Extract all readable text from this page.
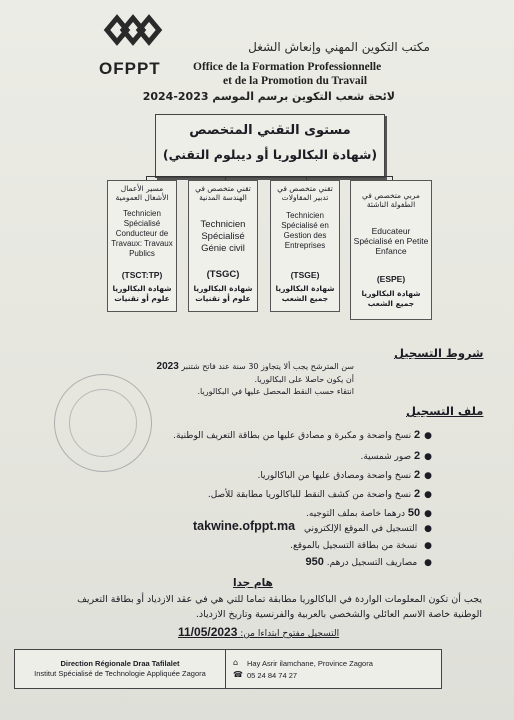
OFPPT
مكتب التكوين المهني وإنعاش الشغل
Office de la Formation Professionnelle
et de la Promotion du Travail
لائحة شعب التكوين برسم الموسم 2024-2023
مستوى التقني المتخصص
(شهادة البكالوريا أو ديبلوم التقني)
مسير الأعمال الأشغال العمومية
Technicien Spécialisé Conducteur de Travaux: Travaux Publics
(TSCT:TP)
شهادة البكالوريا علوم أو تقنيات
تقني متخصص في الهندسة المدنية
Technicien Spécialisé Génie civil
(TSGC)
شهادة البكالوريا علوم أو تقنيات
تقني متخصص في تدبير المقاولات
Technicien Spécialisé en Gestion des Entreprises
(TSGE)
شهادة البكالوريا جميع الشعب
مربي متخصص في الطفولة الناشئة
Educateur Spécialisé en Petite Enfance
(ESPE)
شهادة البكالوريا جميع الشعب
شروط التسجيل
سن المترشح يجب ألا يتجاوز 30 سنة عند فاتح شتنبر 2023
أن يكون حاصلا على البكالوريا.
انتقاء حسب النقط المحصل عليها في البكالوريا.
ملف التسجيل
●2 نسخ واضحة و مكبرة و مصادق عليها من بطاقة التعريف الوطنية.
●2 صور شمسية.
●2 نسخ واضحة ومصادق عليها من الباكالوريا.
●2 نسخ واضحة من كشف النقط للباكالوريا مطابقة للأصل.
●50 درهما خاصة بملف التوجيه.
● التسجيل في الموقع الإلكتروني
takwine.ofppt.ma
● نسخة من بطاقة التسجيل بالموقع.
● مصاريف التسجيل درهم. 950
هام جدا
يجب أن تكون المعلومات الواردة في الباكالوريا مطابقة تماما للتي هي في عقد الازدياد أو بطاقة التعريف الوطنية خاصة الاسم العائلي والشخصي بالعربية والفرنسية وتاريخ الازدياد.
التسجيل مفتوح ابتداءا من: 11/05/2023
Direction Régionale Draa Tafilalet
Institut Spécialisé de Technologie Appliquée Zagora
⌂ Hay Asrir ilamchane, Province Zagora
☎ 05 24 84 74 27
